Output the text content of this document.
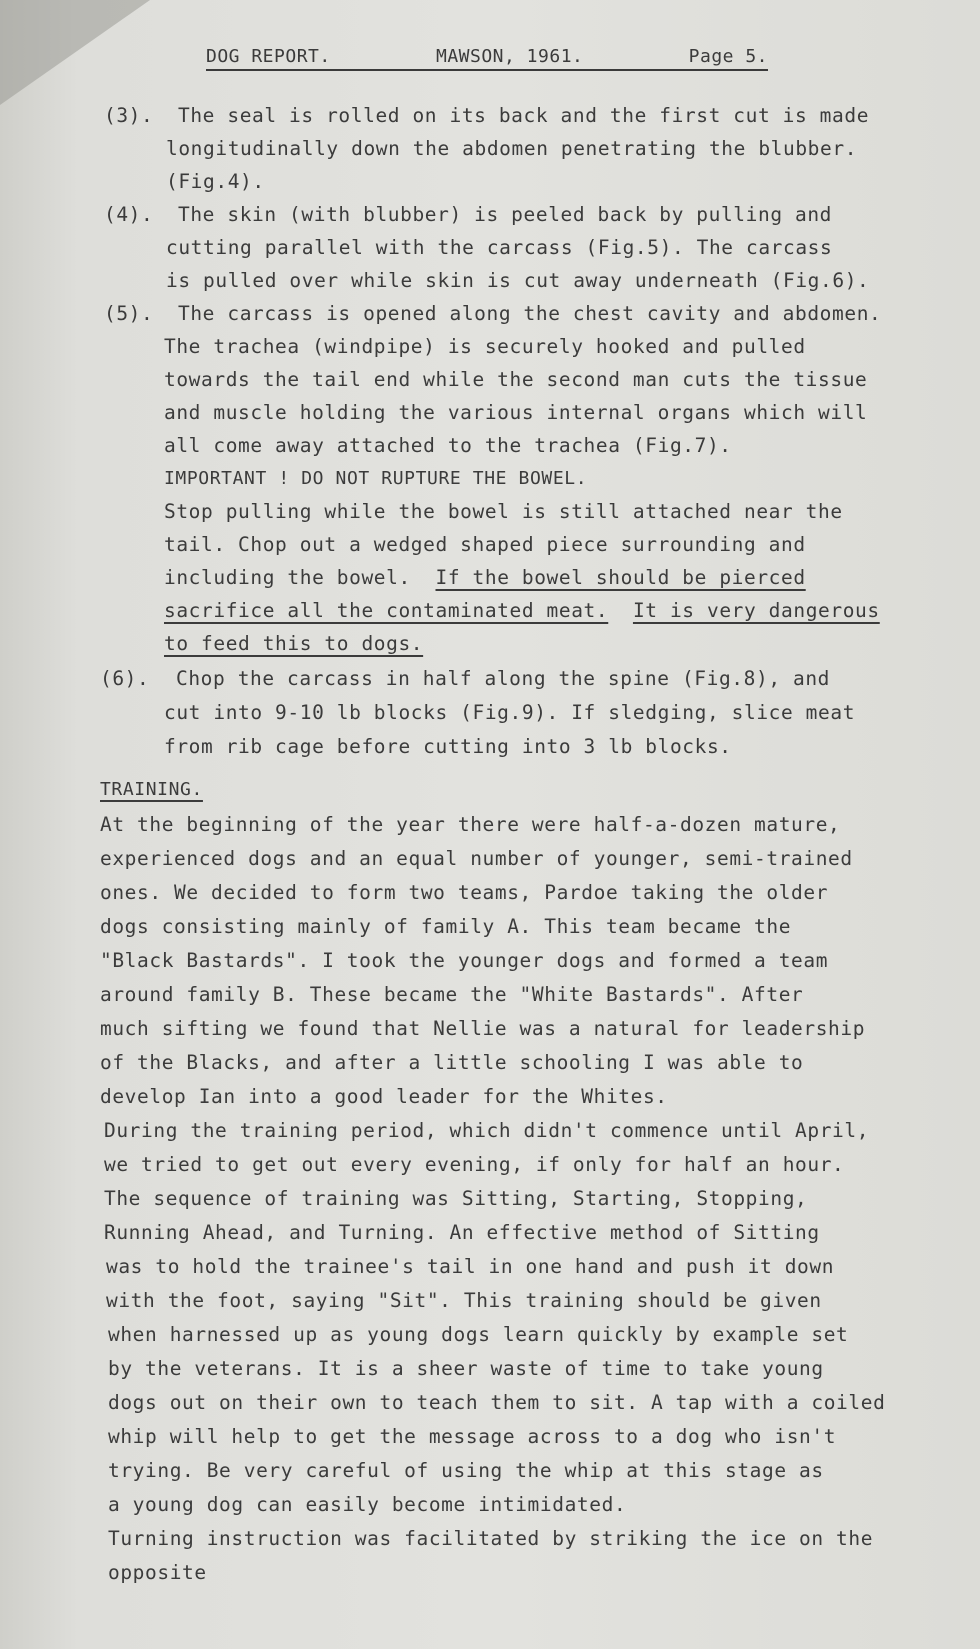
DOG REPORT.	MAWSON, 1961.	Page 5.
(3). The seal is rolled on its back and the first cut is made
longitudinally down the abdomen penetrating the blubber.
(Fig.4).
(4). The skin (with blubber) is peeled back by pulling and
cutting parallel with the carcass (Fig.5). The carcass
is pulled over while skin is cut away underneath (Fig.6).
(5). The carcass is opened along the chest cavity and abdomen.
The trachea (windpipe) is securely hooked and pulled
towards the tail end while the second man cuts the tissue
and muscle holding the various internal organs which will
all come away attached to the trachea (Fig.7).
IMPORTANT ! DO NOT RUPTURE THE BOWEL.
Stop pulling while the bowel is still attached near the
tail. Chop out a wedged shaped piece surrounding and
including the bowel. If the bowel should be pierced
sacrifice all the contaminated meat. It is very dangerous
to feed this to dogs.
(6). Chop the carcass in half along the spine (Fig.8), and
cut into 9-10 lb blocks (Fig.9). If sledging, slice meat
from rib cage before cutting into 3 lb blocks.
TRAINING.
At the beginning of the year there were half-a-dozen mature,
experienced dogs and an equal number of younger, semi-trained
ones. We decided to form two teams, Pardoe taking the older
dogs consisting mainly of family A. This team became the
"Black Bastards". I took the younger dogs and formed a team
around family B. These became the "White Bastards". After
much sifting we found that Nellie was a natural for leadership
of the Blacks, and after a little schooling I was able to
develop Ian into a good leader for the Whites.
During the training period, which didn't commence until April,
we tried to get out every evening, if only for half an hour.
The sequence of training was Sitting, Starting, Stopping,
Running Ahead, and Turning. An effective method of Sitting
was to hold the trainee's tail in one hand and push it down
with the foot, saying "Sit". This training should be given
when harnessed up as young dogs learn quickly by example set
by the veterans. It is a sheer waste of time to take young
dogs out on their own to teach them to sit. A tap with a coiled
whip will help to get the message across to a dog who isn't
trying. Be very careful of using the whip at this stage as
a young dog can easily become intimidated.
Turning instruction was facilitated by striking the ice on the
opposite
